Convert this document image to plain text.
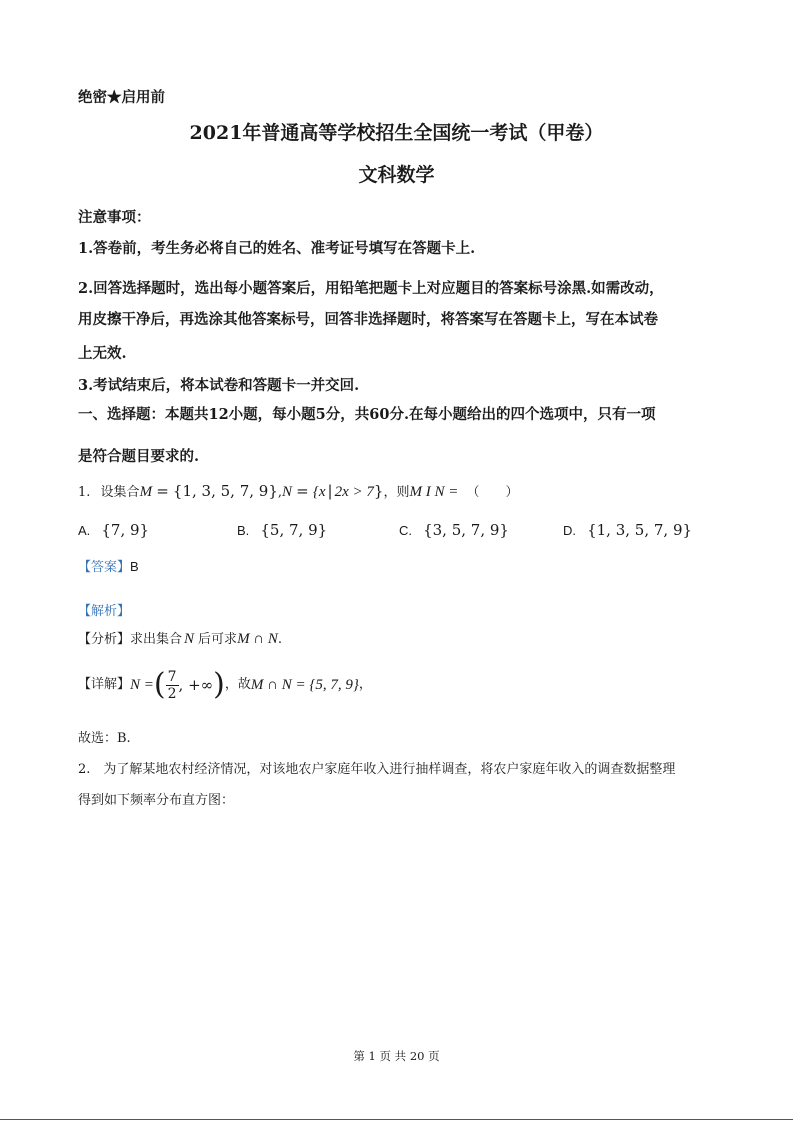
绝密★启用前
2021年普通高等学校招生全国统一考试（甲卷）
文科数学
注意事项：
1.答卷前，考生务必将自己的姓名、准考证号填写在答题卡上.
2.回答选择题时，选出每小题答案后，用铅笔把题卡上对应题目的答案标号涂黑.如需改动，
用皮擦干净后，再选涂其他答案标号，回答非选择题时，将答案写在答题卡上，写在本试卷
上无效.
3.考试结束后，将本试卷和答题卡一并交回.
一、选择题：本题共12小题，每小题5分，共60分.在每小题给出的四个选项中，只有一项
是符合题目要求的.
1. 设集合M = {1, 3, 5, 7, 9},N = {x | 2x > 7}，则M I N = （　　）
A. {7, 9}	B. {5, 7, 9}	C. {3, 5, 7, 9}	D. {1, 3, 5, 7, 9}
【答案】B
【解析】
【分析】求出集合 N 后可求M ∩ N.
【详解】N =( $\frac{7}{2}$ , +∞)，故M ∩ N = {5, 7, 9}，
故选：B.
2.　为了解某地农村经济情况，对该地农户家庭年收入进行抽样调查，将农户家庭年收入的调查数据整理
得到如下频率分布直方图：
第 1 页 共 20 页
